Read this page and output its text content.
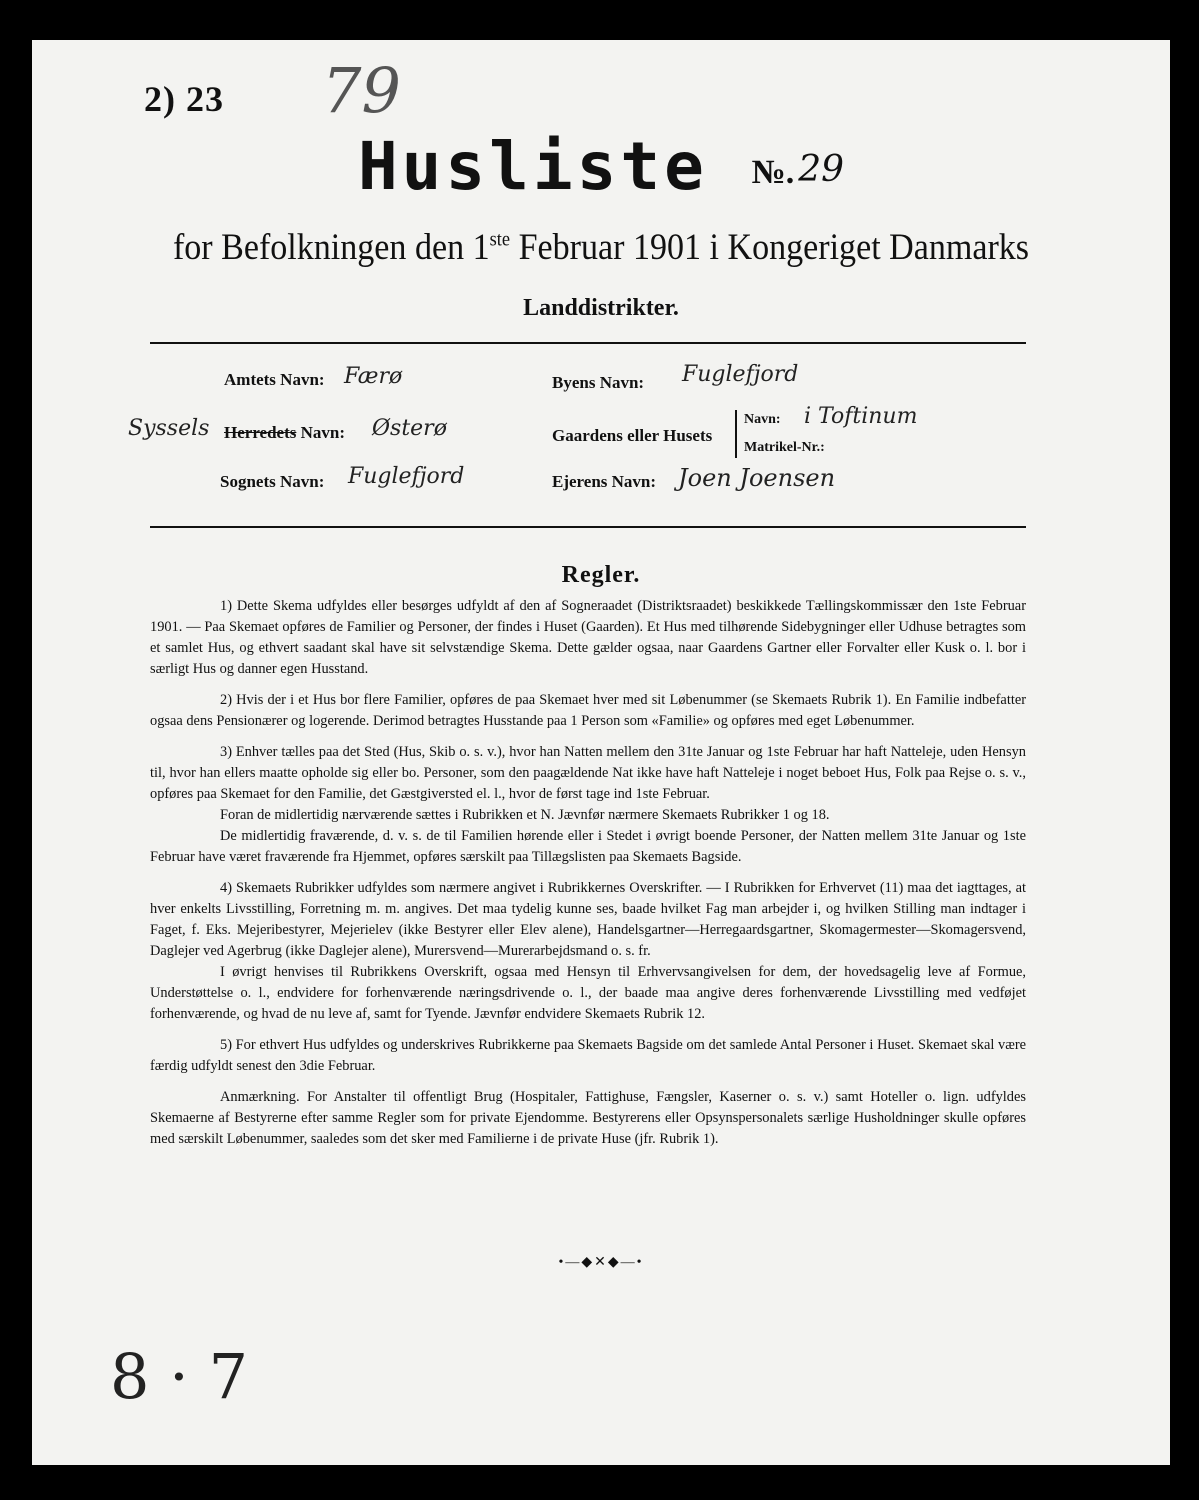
2) 23 79
Husliste №. 29
for Befolkningen den 1ste Februar 1901 i Kongeriget Danmarks
Landdistrikter.
Amtets Navn: Færø
Syssels Herredets Navn: Østerø
Sognets Navn: Fuglefjord
Byens Navn: Fuglefjord
Gaardens eller Husets
Navn: i Toftinum
Matrikel-Nr.:
Ejerens Navn: Joen Joensen
Regler.

1) Dette Skema udfyldes eller besørges udfyldt af den af Sogneraadet (Distriktsraadet) beskikkede Tællingskommissær den 1ste Februar 1901. — Paa Skemaet opføres de Familier og Personer, der findes i Huset (Gaarden). Et Hus med tilhørende Sidebygninger eller Udhuse betragtes som et samlet Hus, og ethvert saadant skal have sit selvstændige Skema. Dette gælder ogsaa, naar Gaardens Gartner eller Forvalter eller Kusk o. l. bor i særligt Hus og danner egen Husstand.

2) Hvis der i et Hus bor flere Familier, opføres de paa Skemaet hver med sit Løbenummer (se Skemaets Rubrik 1). En Familie indbefatter ogsaa dens Pensionærer og logerende. Derimod betragtes Husstande paa 1 Person som «Familie» og opføres med eget Løbenummer.

3) Enhver tælles paa det Sted (Hus, Skib o. s. v.), hvor han Natten mellem den 31te Januar og 1ste Februar har haft Natteleje, uden Hensyn til, hvor han ellers maatte opholde sig eller bo. Personer, som den paagældende Nat ikke have haft Natteleje i noget beboet Hus, Folk paa Rejse o. s. v., opføres paa Skemaet for den Familie, det Gæstgiversted el. l., hvor de først tage ind 1ste Februar.

Foran de midlertidig nærværende sættes i Rubrikken et N. Jævnfør nærmere Skemaets Rubrikker 1 og 18.

De midlertidig fraværende, d. v. s. de til Familien hørende eller i Stedet i øvrigt boende Personer, der Natten mellem 31te Januar og 1ste Februar have været fraværende fra Hjemmet, opføres særskilt paa Tillægslisten paa Skemaets Bagside.

4) Skemaets Rubrikker udfyldes som nærmere angivet i Rubrikkernes Overskrifter. — I Rubrikken for Erhvervet (11) maa det iagttages, at hver enkelts Livsstilling, Forretning m. m. angives. Det maa tydelig kunne ses, baade hvilket Fag man arbejder i, og hvilken Stilling man indtager i Faget, f. Eks. Mejeribestyrer, Mejerielev (ikke Bestyrer eller Elev alene), Handelsgartner—Herregaardsgartner, Skomagermester—Skomagersvend, Daglejer ved Agerbrug (ikke Daglejer alene), Murersvend—Murerarbejdsmand o. s. fr.

I øvrigt henvises til Rubrikkens Overskrift, ogsaa med Hensyn til Erhvervsangivelsen for dem, der hovedsagelig leve af Formue, Understøttelse o. l., endvidere for forhenværende næringsdrivende o. l., der baade maa angive deres forhenværende Livsstilling med vedføjet forhenværende, og hvad de nu leve af, samt for Tyende. Jævnfør endvidere Skemaets Rubrik 12.

5) For ethvert Hus udfyldes og underskrives Rubrikkerne paa Skemaets Bagside om det samlede Antal Personer i Huset. Skemaet skal være færdig udfyldt senest den 3die Februar.

Anmærkning. For Anstalter til offentligt Brug (Hospitaler, Fattighuse, Fængsler, Kaserner o. s. v.) samt Hoteller o. lign. udfyldes Skemaerne af Bestyrerne efter samme Regler som for private Ejendomme. Bestyrerens eller Opsynspersonalets særlige Husholdninger skulle opføres med særskilt Løbenummer, saaledes som det sker med Familierne i de private Huse (jfr. Rubrik 1).

•—◆✕◆—•
8 · 7
